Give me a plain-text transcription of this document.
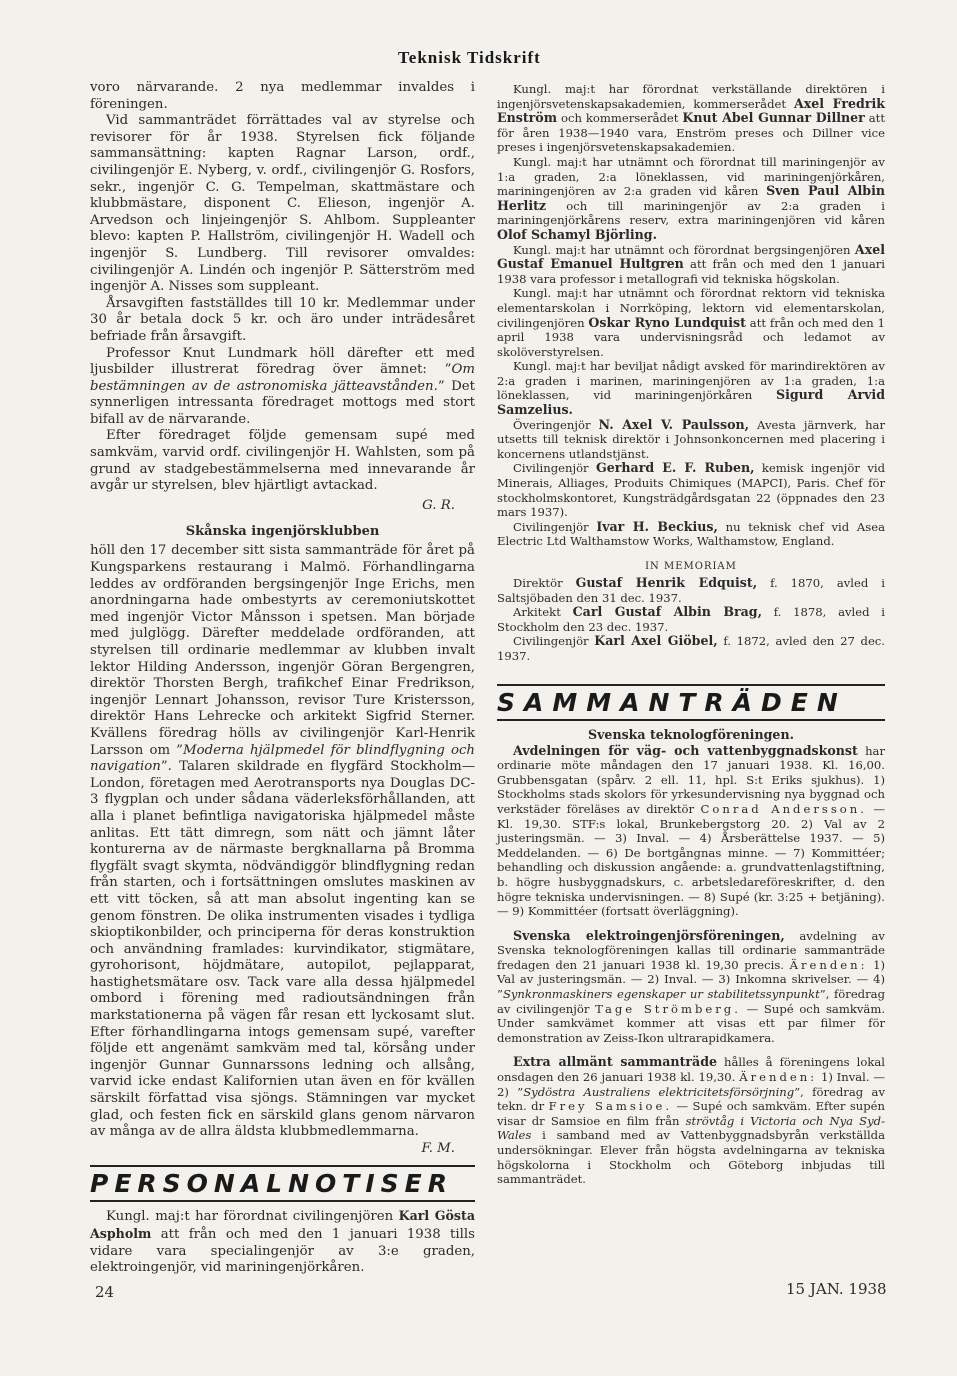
Teknisk Tidskrift

voro närvarande. 2 nya medlemmar invaldes i föreningen.

Vid sammanträdet förrättades val av styrelse och revisorer för år 1938. Styrelsen fick följande sammansättning: kapten Ragnar Larson, ordf., civilingenjör E. Nyberg, v. ordf., civilingenjör G. Rosfors, sekr., ingenjör C. G. Tempelman, skattmästare och klubbmästare, disponent C. Elieson, ingenjör A. Arvedson och linjeingenjör S. Ahlbom. Suppleanter blevo: kapten P. Hallström, civilingenjör H. Wadell och ingenjör S. Lundberg. Till revisorer omvaldes: civilingenjör A. Lindén och ingenjör P. Sätterström med ingenjör A. Nisses som suppleant.

Årsavgiften fastställdes till 10 kr. Medlemmar under 30 år betala dock 5 kr. och äro under inträdesåret befriade från årsavgift.

Professor Knut Lundmark höll därefter ett med ljusbilder illustrerat föredrag över ämnet: ”Om bestämningen av de astronomiska jätteavstånden.” Det synnerligen intressanta föredraget mottogs med stort bifall av de närvarande.

Efter föredraget följde gemensam supé med samkväm, varvid ordf. civilingenjör H. Wahlsten, som på grund av stadgebestämmelserna med innevarande år avgår ur styrelsen, blev hjärtligt avtackad.

G. R.

Skånska ingenjörsklubben

höll den 17 december sitt sista sammanträde för året på Kungsparkens restaurang i Malmö. Förhandlingarna leddes av ordföranden bergsingenjör Inge Erichs, men anordningarna hade ombestyrts av ceremoniutskottet med ingenjör Victor Månsson i spetsen. Man började med julglögg. Därefter meddelade ordföranden, att styrelsen till ordinarie medlemmar av klubben invalt lektor Hilding Andersson, ingenjör Göran Bergengren, direktör Thorsten Bergh, trafikchef Einar Fredrikson, ingenjör Lennart Johansson, revisor Ture Kristersson, direktör Hans Lehrecke och arkitekt Sigfrid Sterner. Kvällens föredrag hölls av civilingenjör Karl-Henrik Larsson om ”Moderna hjälpmedel för blindflygning och navigation”. Talaren skildrade en flygfärd Stockholm—London, företagen med Aerotransports nya Douglas DC-3 flygplan och under sådana väderleksförhållanden, att alla i planet befintliga navigatoriska hjälpmedel måste anlitas. Ett tätt dimregn, som nätt och jämnt låter konturerna av de närmaste bergknallarna på Bromma flygfält svagt skymta, nödvändiggör blindflygning redan från starten, och i fortsättningen omslutes maskinen av ett vitt töcken, så att man absolut ingenting kan se genom fönstren. De olika instrumenten visades i tydliga skioptikonbilder, och principerna för deras konstruktion och användning framlades: kurvindikator, stigmätare, gyrohorisont, höjdmätare, autopilot, pejlapparat, hastighetsmätare osv. Tack vare alla dessa hjälpmedel ombord i förening med radioutsändningen från markstationerna på vägen får resan ett lyckosamt slut. Efter förhandlingarna intogs gemensam supé, varefter följde ett angenämt samkväm med tal, körsång under ingenjör Gunnar Gunnarssons ledning och allsång, varvid icke endast Kalifornien utan även en för kvällen särskilt författad visa sjöngs. Stämningen var mycket glad, och festen fick en särskild glans genom närvaron av många av de allra äldsta klubbmedlemmarna.

F. M.

PERSONALNOTISER

Kungl. maj:t har förordnat civilingenjören Karl Gösta Aspholm att från och med den 1 januari 1938 tills vidare vara specialingenjör av 3:e graden, elektroingenjör, vid mariningenjörkåren.

Kungl. maj:t har förordnat verkställande direktören i ingenjörsvetenskapsakademien, kommerserådet Axel Fredrik Enström och kommerserådet Knut Abel Gunnar Dillner att för åren 1938—1940 vara, Enström preses och Dillner vice preses i ingenjörsvetenskapsakademien.

Kungl. maj:t har utnämnt och förordnat till mariningenjör av 1:a graden, 2:a löneklassen, vid mariningenjörkåren, mariningenjören av 2:a graden vid kåren Sven Paul Albin Herlitz och till mariningenjör av 2:a graden i mariningenjörkårens reserv, extra mariningenjören vid kåren Olof Schamyl Björling.

Kungl. maj:t har utnämnt och förordnat bergsingenjören Axel Gustaf Emanuel Hultgren att från och med den 1 januari 1938 vara professor i metallografi vid tekniska högskolan.

Kungl. maj:t har utnämnt och förordnat rektorn vid tekniska elementarskolan i Norrköping, lektorn vid elementarskolan, civilingenjören Oskar Ryno Lundquist att från och med den 1 april 1938 vara undervisningsråd och ledamot av skolöverstyrelsen.

Kungl. maj:t har beviljat nådigt avsked för marindirektören av 2:a graden i marinen, mariningenjören av 1:a graden, 1:a löneklassen, vid mariningenjörkåren Sigurd Arvid Samzelius.

Överingenjör N. Axel V. Paulsson, Avesta järnverk, har utsetts till teknisk direktör i Johnsonkoncernen med placering i koncernens utlandstjänst.

Civilingenjör Gerhard E. F. Ruben, kemisk ingenjör vid Minerais, Alliages, Produits Chimiques (MAPCI), Paris. Chef för stockholmskontoret, Kungsträdgårdsgatan 22 (öppnades den 23 mars 1937).

Civilingenjör Ivar H. Beckius, nu teknisk chef vid Asea Electric Ltd Walthamstow Works, Walthamstow, England.

IN MEMORIAM

Direktör Gustaf Henrik Edquist, f. 1870, avled i Saltsjöbaden den 31 dec. 1937.

Arkitekt Carl Gustaf Albin Brag, f. 1878, avled i Stockholm den 23 dec. 1937.

Civilingenjör Karl Axel Giöbel, f. 1872, avled den 27 dec. 1937.

SAMMANTRÄDEN
Svenska teknologföreningen.

Avdelningen för väg- och vattenbyggnadskonst har ordinarie möte måndagen den 17 januari 1938. Kl. 16,00. Grubbensgatan (spårv. 2 ell. 11, hpl. S:t Eriks sjukhus). 1) Stockholms stads skolors för yrkesundervisning nya byggnad och verkstäder föreläses av direktör Conrad Andersson. — Kl. 19,30. STF:s lokal, Brunkebergstorg 20. 2) Val av 2 justeringsmän. — 3) Inval. — 4) Årsberättelse 1937. — 5) Meddelanden. — 6) De bortgångnas minne. — 7) Kommittéer; behandling och diskussion angående: a. grundvattenlagstiftning, b. högre husbyggnadskurs, c. arbetsledareföreskrifter, d. den högre tekniska undervisningen. — 8) Supé (kr. 3:25 + betjäning). — 9) Kommittéer (fortsatt överläggning).

Svenska elektroingenjörsföreningen, avdelning av Svenska teknologföreningen kallas till ordinarie sammanträde fredagen den 21 januari 1938 kl. 19,30 precis. Ärenden: 1) Val av justeringsmän. — 2) Inval. — 3) Inkomna skrivelser. — 4) ”Synkronmaskiners egenskaper ur stabilitetssynpunkt”, föredrag av civilingenjör Tage Strömberg. — Supé och samkväm. Under samkvämet kommer att visas ett par filmer för demonstration av Zeiss-Ikon ultrarapidkamera.

Extra allmänt sammanträde hålles å föreningens lokal onsdagen den 26 januari 1938 kl. 19,30. Ärenden: 1) Inval. — 2) ”Sydöstra Australiens elektricitetsförsörjning”, föredrag av tekn. dr Frey Samsioe. — Supé och samkväm. Efter supén visar dr Samsioe en film från strövtåg i Victoria och Nya Syd-Wales i samband med av Vattenbyggnadsbyrån verkställda undersökningar. Elever från högsta avdelningarna av tekniska högskolorna i Stockholm och Göteborg inbjudas till sammanträdet.

24	15 JAN. 1938
